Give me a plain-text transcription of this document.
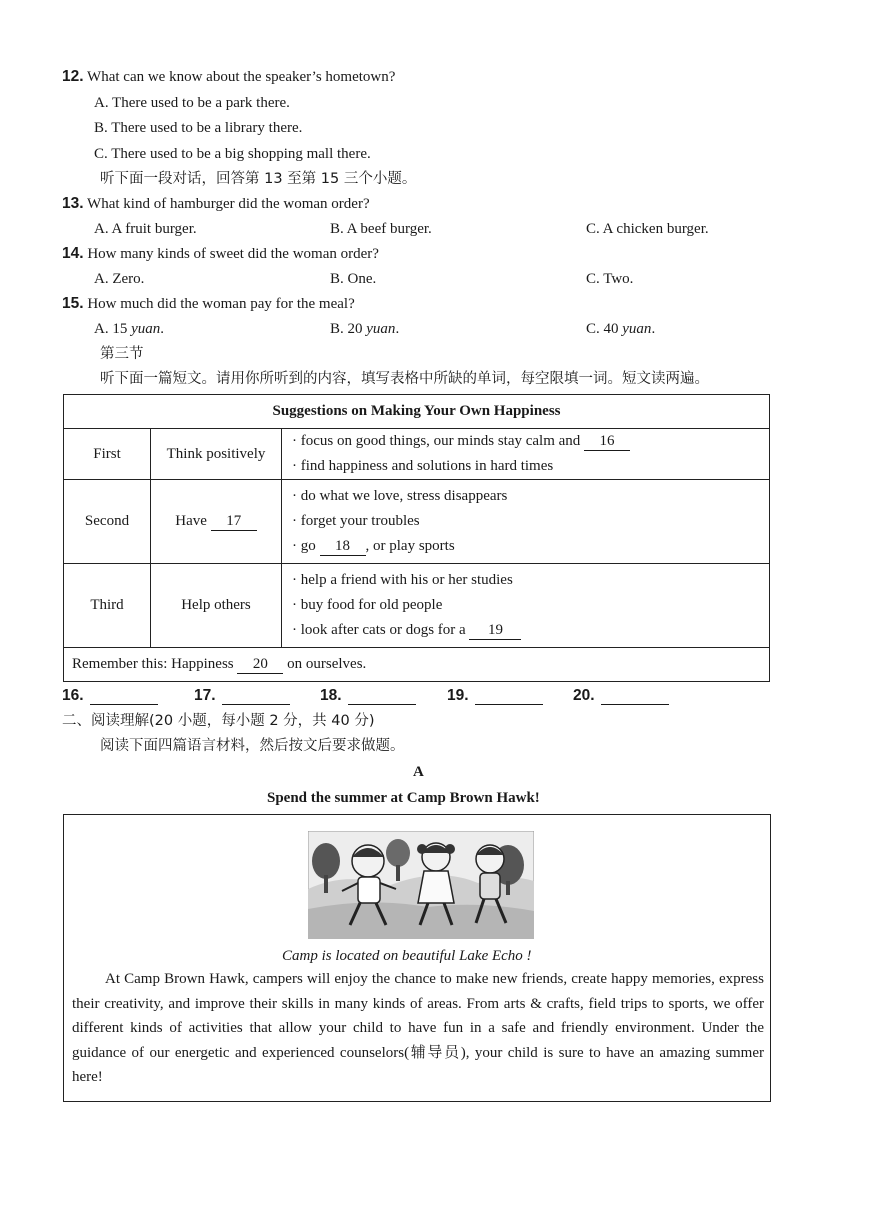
12. What can we know about the speaker’s hometown?
A. There used to be a park there.
B. There used to be a library there.
C. There used to be a big shopping mall there.
听下面一段对话，回答第 13 至第 15 三个小题。
13. What kind of hamburger did the woman order?
A. A fruit burger.	B. A beef burger.	C. A chicken burger.
14. How many kinds of sweet did the woman order?
A. Zero.	B. One.	C. Two.
15. How much did the woman pay for the meal?
A. 15 yuan.	B. 20 yuan.	C. 40 yuan.
第三节
听下面一篇短文。请用你所听到的内容，填写表格中所缺的单词，每空限填一词。短文读两遍。
Suggestions on Making Your Own Happiness		
First	Think positively	· focus on good things, our minds stay calm and 16
· find happiness and solutions in hard times

Second	Have 17	· do what we love, stress disappears
· forget your troubles
· go 18 , or play sports

Third	Help others	· help a friend with his or her studies
· buy food for old people
· look after cats or dogs for a 19

Remember this: Happiness 20 on ourselves.		
16.	17.	18.	19.	20.
二、阅读理解(20 小题，每小题 2 分，共 40 分)
阅读下面四篇语言材料，然后按文后要求做题。
A
Spend the summer at Camp Brown Hawk!
Camp is located on beautiful Lake Echo !
At Camp Brown Hawk, campers will enjoy the chance to make new friends, create happy memories, express their creativity, and improve their skills in many kinds of areas. From arts & crafts, field trips to sports, we offer different kinds of activities that allow your child to have fun in a safe and friendly environment. Under the guidance of our energetic and experienced counselors(辅导员), your child is sure to have an amazing summer here!
